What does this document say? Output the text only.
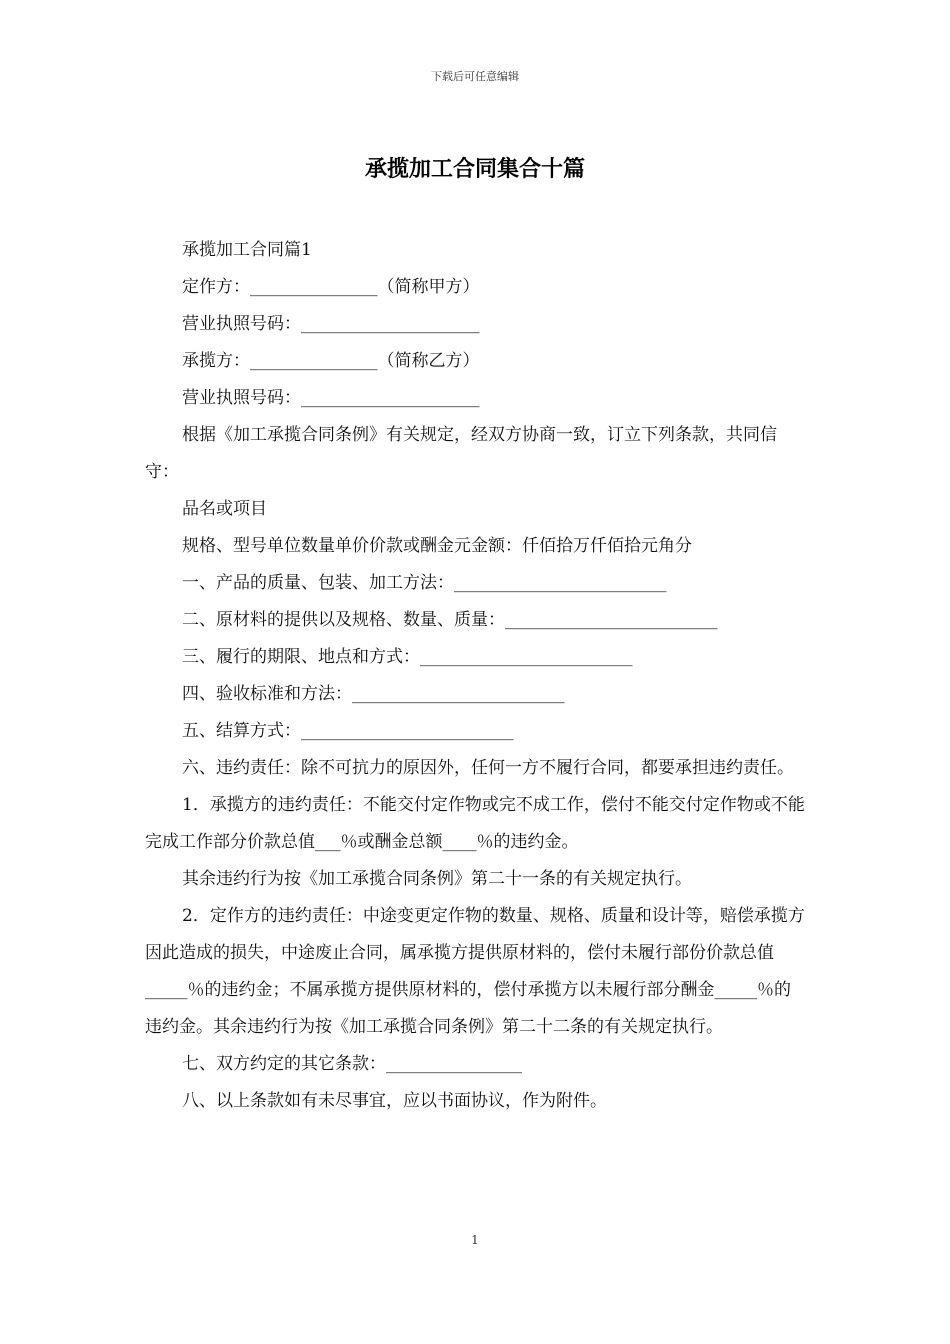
下载后可任意编辑
承揽加工合同集合十篇

承揽加工合同篇1

定作方：_______________（简称甲方）

营业执照号码：_____________________

承揽方：_______________（简称乙方）

营业执照号码：_____________________

根据《加工承揽合同条例》有关规定，经双方协商一致，订立下列条款，共同信守：

品名或项目

规格、型号单位数量单价价款或酬金元金额：仟佰拾万仟佰拾元角分

一、产品的质量、包装、加工方法：_________________________

二、原材料的提供以及规格、数量、质量：_________________________

三、履行的期限、地点和方式：_________________________

四、验收标准和方法：_________________________

五、结算方式：_________________________

六、违约责任：除不可抗力的原因外，任何一方不履行合同，都要承担违约责任。

1．承揽方的违约责任：不能交付定作物或完不成工作，偿付不能交付定作物或不能完成工作部分价款总值___％或酬金总额____％的违约金。

其余违约行为按《加工承揽合同条例》第二十一条的有关规定执行。

2．定作方的违约责任：中途变更定作物的数量、规格、质量和设计等，赔偿承揽方因此造成的损失，中途废止合同，属承揽方提供原材料的，偿付未履行部份价款总值_____％的违约金；不属承揽方提供原材料的，偿付承揽方以未履行部分酬金_____％的违约金。其余违约行为按《加工承揽合同条例》第二十二条的有关规定执行。

七、双方约定的其它条款：________________

八、以上条款如有未尽事宜，应以书面协议，作为附件。

1
